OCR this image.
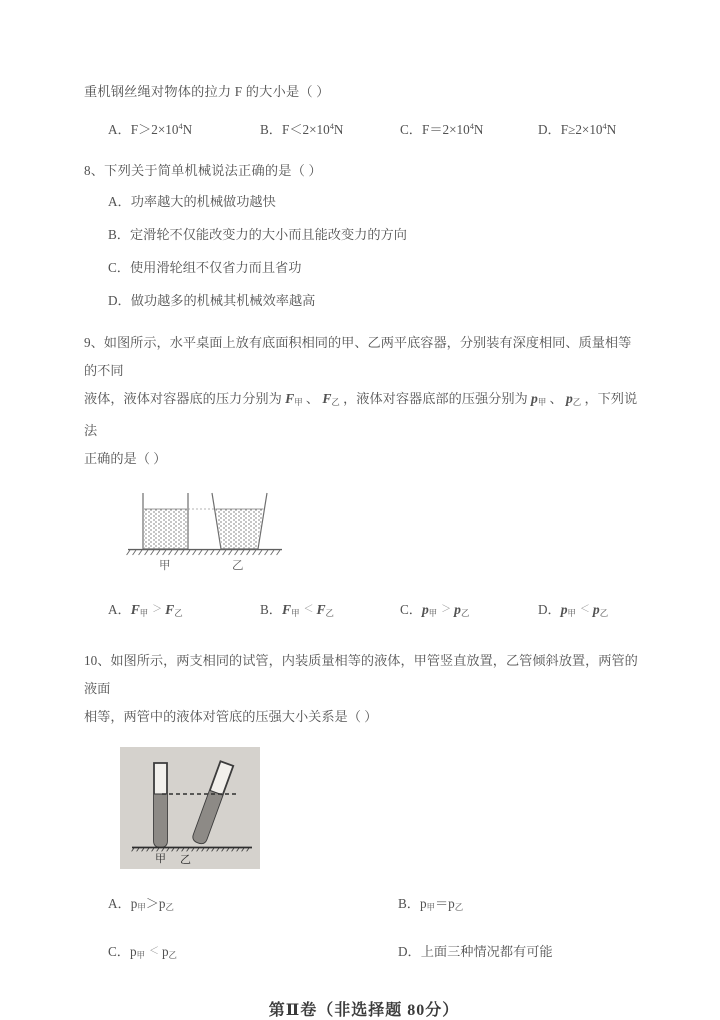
重机钢丝绳对物体的拉力 F 的大小是（ ）
A．$F>2\times 10^4N$	B．$F<2\times 10^4N$	C．$F=2\times 10^4N$	D．$F\ge 2\times 10^4N$
8、下列关于简单机械说法正确的是（ ）
A．功率越大的机械做功越快
B．定滑轮不仅能改变力的大小而且能改变力的方向
C．使用滑轮组不仅省力而且省功
D．做功越多的机械其机械效率越高
9、如图所示，水平桌面上放有底面积相同的甲、乙两平底容器，分别装有深度相同、质量相等的不同
液体，液体对容器底的压力分别为 $F_甲$ 、 $F_乙$ ，液体对容器底部的压强分别为 $p_甲$ 、 $p_乙$ ，下列说法
正确的是（ ）
甲	乙
A．$F_甲 > F_乙$	B．$F_甲 < F_乙$	C．$p_甲 > p_乙$	D．$p_甲 < p_乙$
10、如图所示，两支相同的试管，内装质量相等的液体，甲管竖直放置，乙管倾斜放置，两管的液面
相等，两管中的液体对管底的压强大小关系是（ ）
甲 乙
A．$p_甲>p_乙$	B．$p_甲=p_乙$
C．$p_甲 < p_乙$	D．上面三种情况都有可能
第Ⅱ卷（非选择题 80分）
